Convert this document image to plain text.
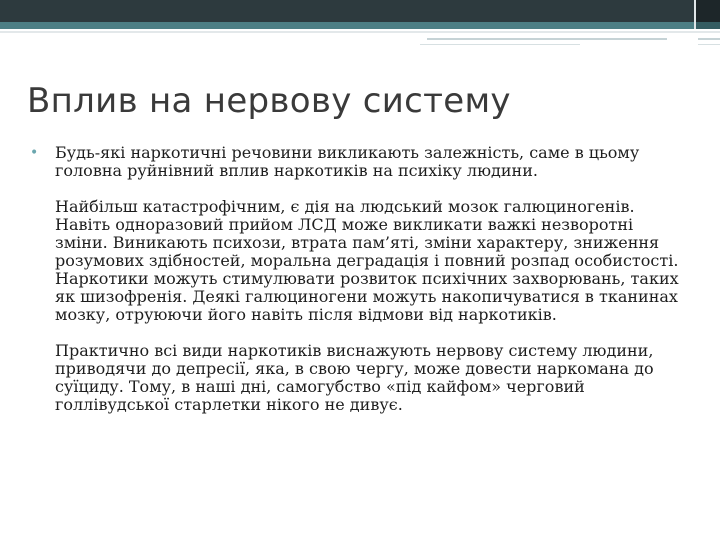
Вплив на нервову систему

• Будь-які наркотичні речовини викликають залежність, саме в цьому головна руйнівний вплив наркотиків на психіку людини.

Найбільш катастрофічним, є дія на людський мозок галюциногенів. Навіть одноразовий прийом ЛСД може викликати важкі незворотні зміни. Виникають психози, втрата пам’яті, зміни характеру, зниження розумових здібностей, моральна деградація і повний розпад особистості. Наркотики можуть стимулювати розвиток психічних захворювань, таких як шизофренія. Деякі галюциногени можуть накопичуватися в тканинах мозку, отруюючи його навіть після відмови від наркотиків.

Практично всі види наркотиків виснажують нервову систему людини, приводячи до депресії, яка, в свою чергу, може довести наркомана до суїциду. Тому, в наші дні, самогубство «під кайфом» черговий голлівудської старлетки нікого не дивує.
